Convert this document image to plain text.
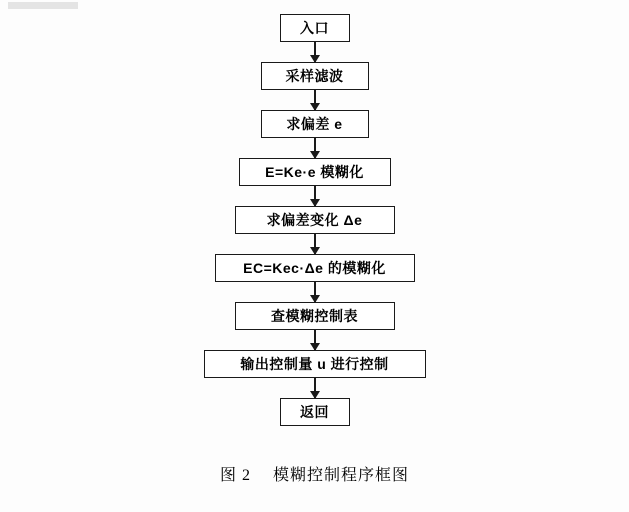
入口
采样滤波
求偏差 e
E=Ke·e 模糊化
求偏差变化 Δe
EC=Kec·Δe 的模糊化
查模糊控制表
输出控制量 u 进行控制
返回
图 2 模糊控制程序框图
